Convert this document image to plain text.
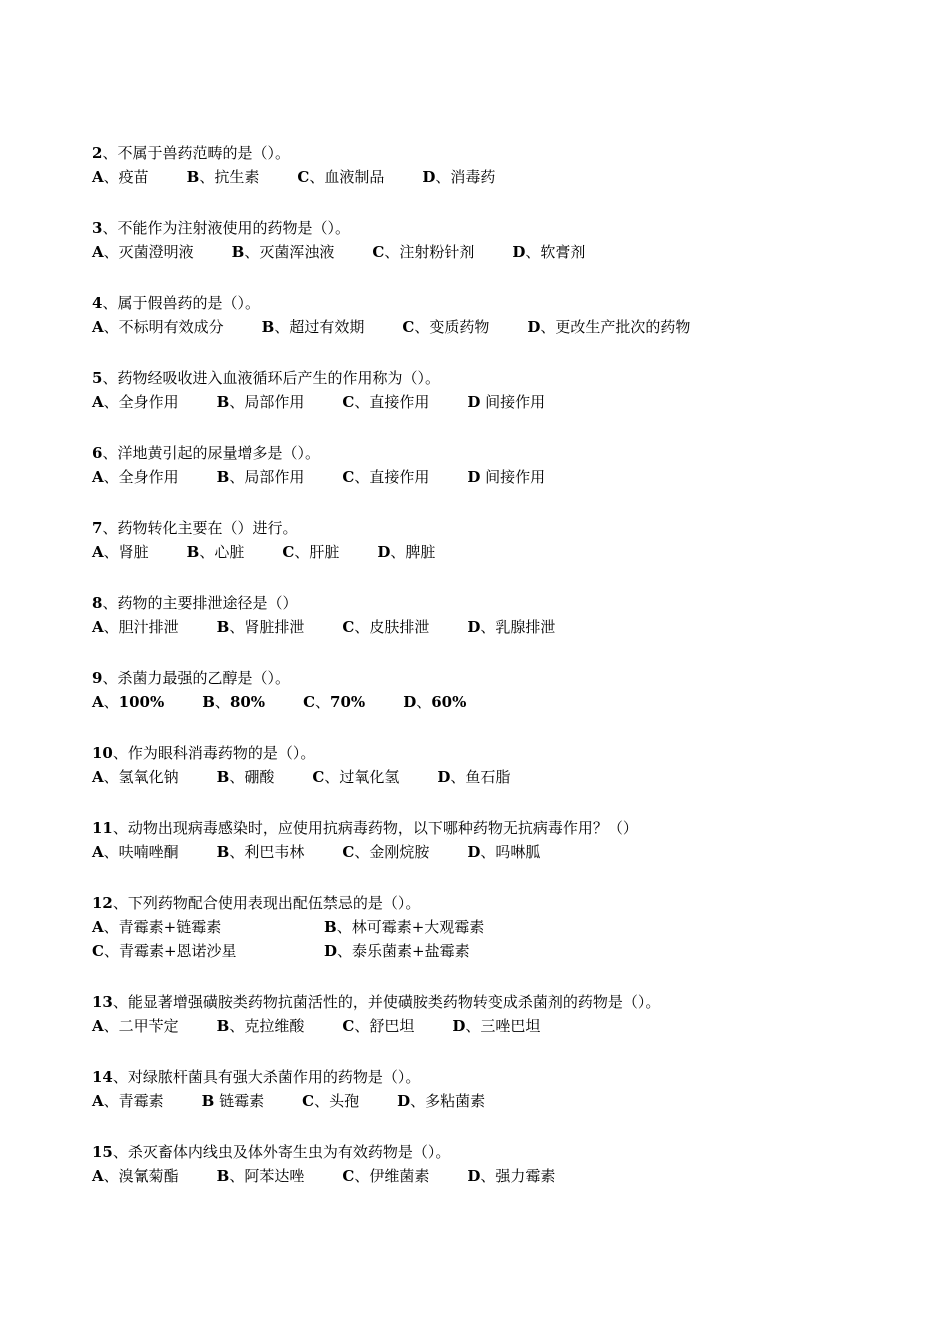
2、不属于兽药范畴的是（）。
A、疫苗	B、抗生素	C、血液制品	D、消毒药
3、不能作为注射液使用的药物是（）。
A、灭菌澄明液	B、灭菌浑浊液	C、注射粉针剂	D、软膏剂
4、属于假兽药的是（）。
A、不标明有效成分	B、超过有效期	C、变质药物	D、更改生产批次的药物
5、药物经吸收进入血液循环后产生的作用称为（）。
A、全身作用	B、局部作用	C、直接作用	D 间接作用
6、洋地黄引起的尿量增多是（）。
A、全身作用	B、局部作用	C、直接作用	D 间接作用
7、药物转化主要在（）进行。
A、肾脏	B、心脏	C、肝脏	D、脾脏
8、药物的主要排泄途径是（）
A、胆汁排泄	B、肾脏排泄	C、皮肤排泄	D、乳腺排泄
9、杀菌力最强的乙醇是（）。
A、100%	B、80%	C、70%	D、60%
10、作为眼科消毒药物的是（）。
A、氢氧化钠	B、硼酸	C、过氧化氢	D、鱼石脂
11、动物出现病毒感染时，应使用抗病毒药物，以下哪种药物无抗病毒作用？（）
A、呋喃唑酮	B、利巴韦林	C、金刚烷胺	D、吗啉胍
12、下列药物配合使用表现出配伍禁忌的是（）。
A、青霉素+链霉素	B、林可霉素+大观霉素
C、青霉素+恩诺沙星	D、泰乐菌素+盐霉素
13、能显著增强磺胺类药物抗菌活性的，并使磺胺类药物转变成杀菌剂的药物是（）。
A、二甲苄定	B、克拉维酸	C、舒巴坦	D、三唑巴坦
14、对绿脓杆菌具有强大杀菌作用的药物是（）。
A、青霉素	B 链霉素	C、头孢	D、多粘菌素
15、杀灭畜体内线虫及体外寄生虫为有效药物是（）。
A、溴氰菊酯	B、阿苯达唑	C、伊维菌素	D、强力霉素
